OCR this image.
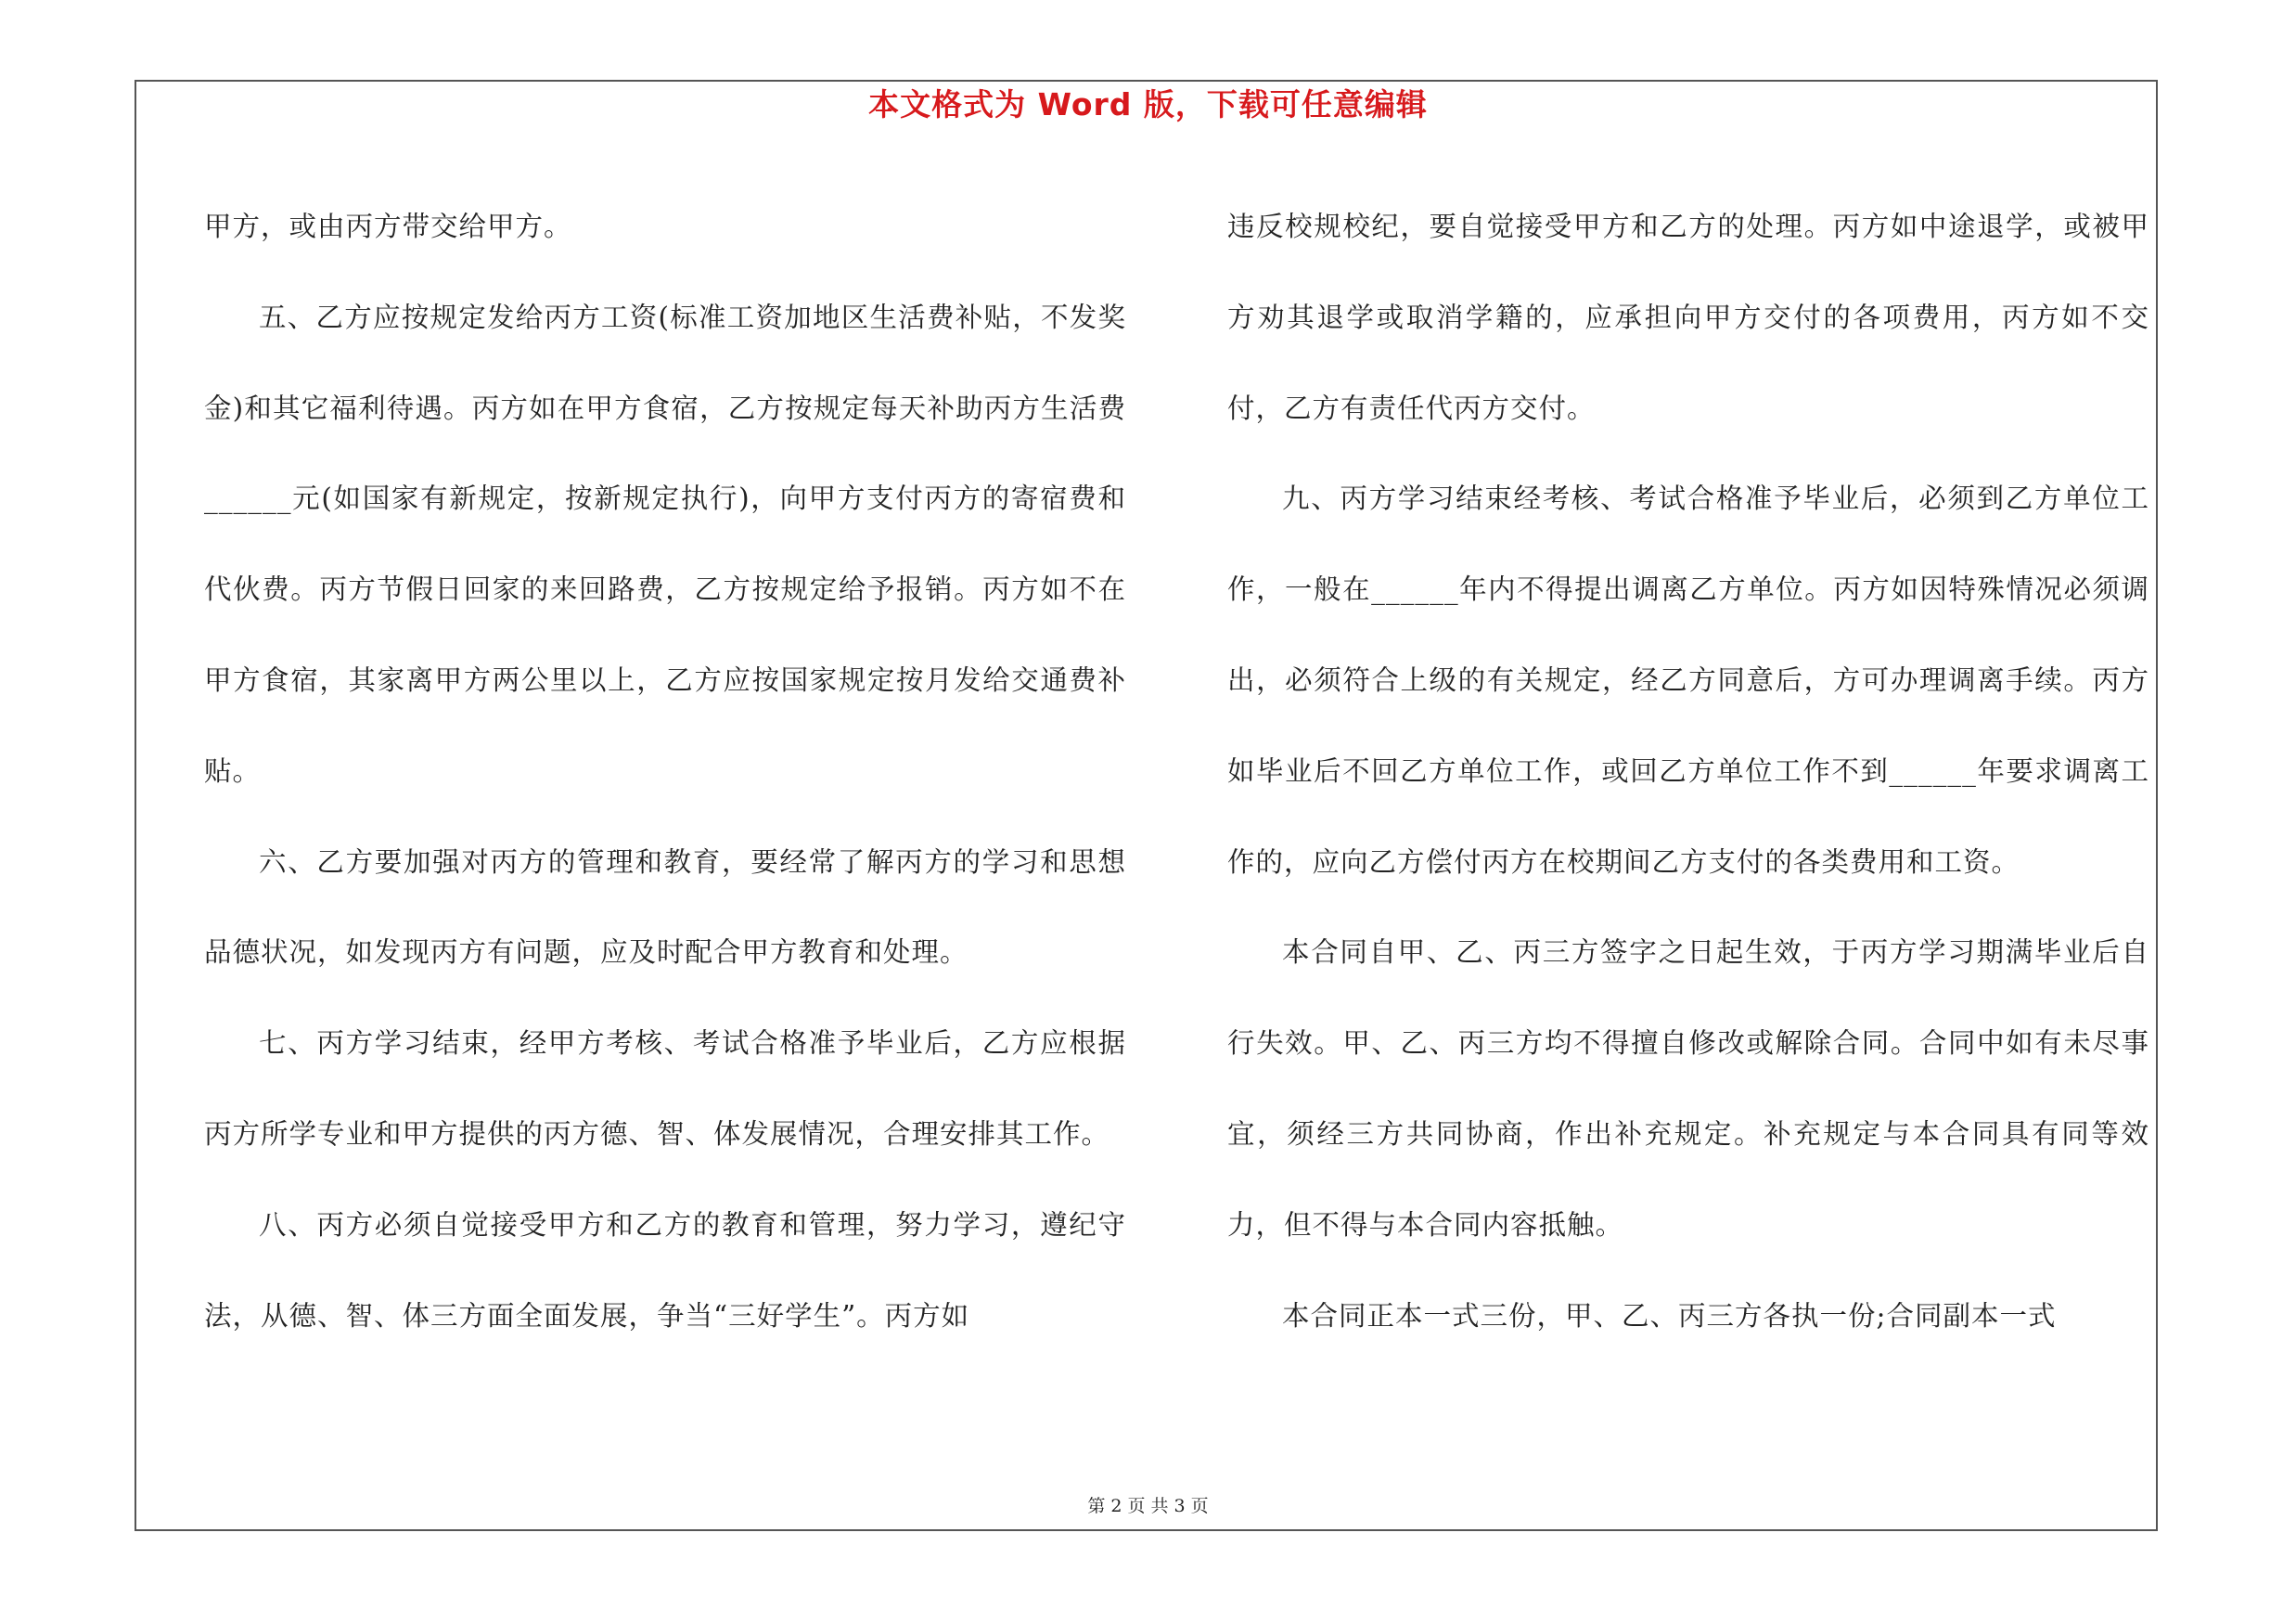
本文格式为 Word 版，下载可任意编辑

甲方，或由丙方带交给甲方。

五、乙方应按规定发给丙方工资(标准工资加地区生活费补贴，不发奖金)和其它福利待遇。丙方如在甲方食宿，乙方按规定每天补助丙方生活费______元(如国家有新规定，按新规定执行)，向甲方支付丙方的寄宿费和代伙费。丙方节假日回家的来回路费，乙方按规定给予报销。丙方如不在甲方食宿，其家离甲方两公里以上，乙方应按国家规定按月发给交通费补贴。

六、乙方要加强对丙方的管理和教育，要经常了解丙方的学习和思想品德状况，如发现丙方有问题，应及时配合甲方教育和处理。

七、丙方学习结束，经甲方考核、考试合格准予毕业后，乙方应根据丙方所学专业和甲方提供的丙方德、智、体发展情况，合理安排其工作。

八、丙方必须自觉接受甲方和乙方的教育和管理，努力学习，遵纪守法，从德、智、体三方面全面发展，争当“三好学生”。丙方如

违反校规校纪，要自觉接受甲方和乙方的处理。丙方如中途退学，或被甲方劝其退学或取消学籍的，应承担向甲方交付的各项费用，丙方如不交付，乙方有责任代丙方交付。

九、丙方学习结束经考核、考试合格准予毕业后，必须到乙方单位工作，一般在______年内不得提出调离乙方单位。丙方如因特殊情况必须调出，必须符合上级的有关规定，经乙方同意后，方可办理调离手续。丙方如毕业后不回乙方单位工作，或回乙方单位工作不到______年要求调离工作的，应向乙方偿付丙方在校期间乙方支付的各类费用和工资。

本合同自甲、乙、丙三方签字之日起生效，于丙方学习期满毕业后自行失效。甲、乙、丙三方均不得擅自修改或解除合同。合同中如有未尽事宜，须经三方共同协商，作出补充规定。补充规定与本合同具有同等效力，但不得与本合同内容抵触。

本合同正本一式三份，甲、乙、丙三方各执一份;合同副本一式

第 2 页 共 3 页
